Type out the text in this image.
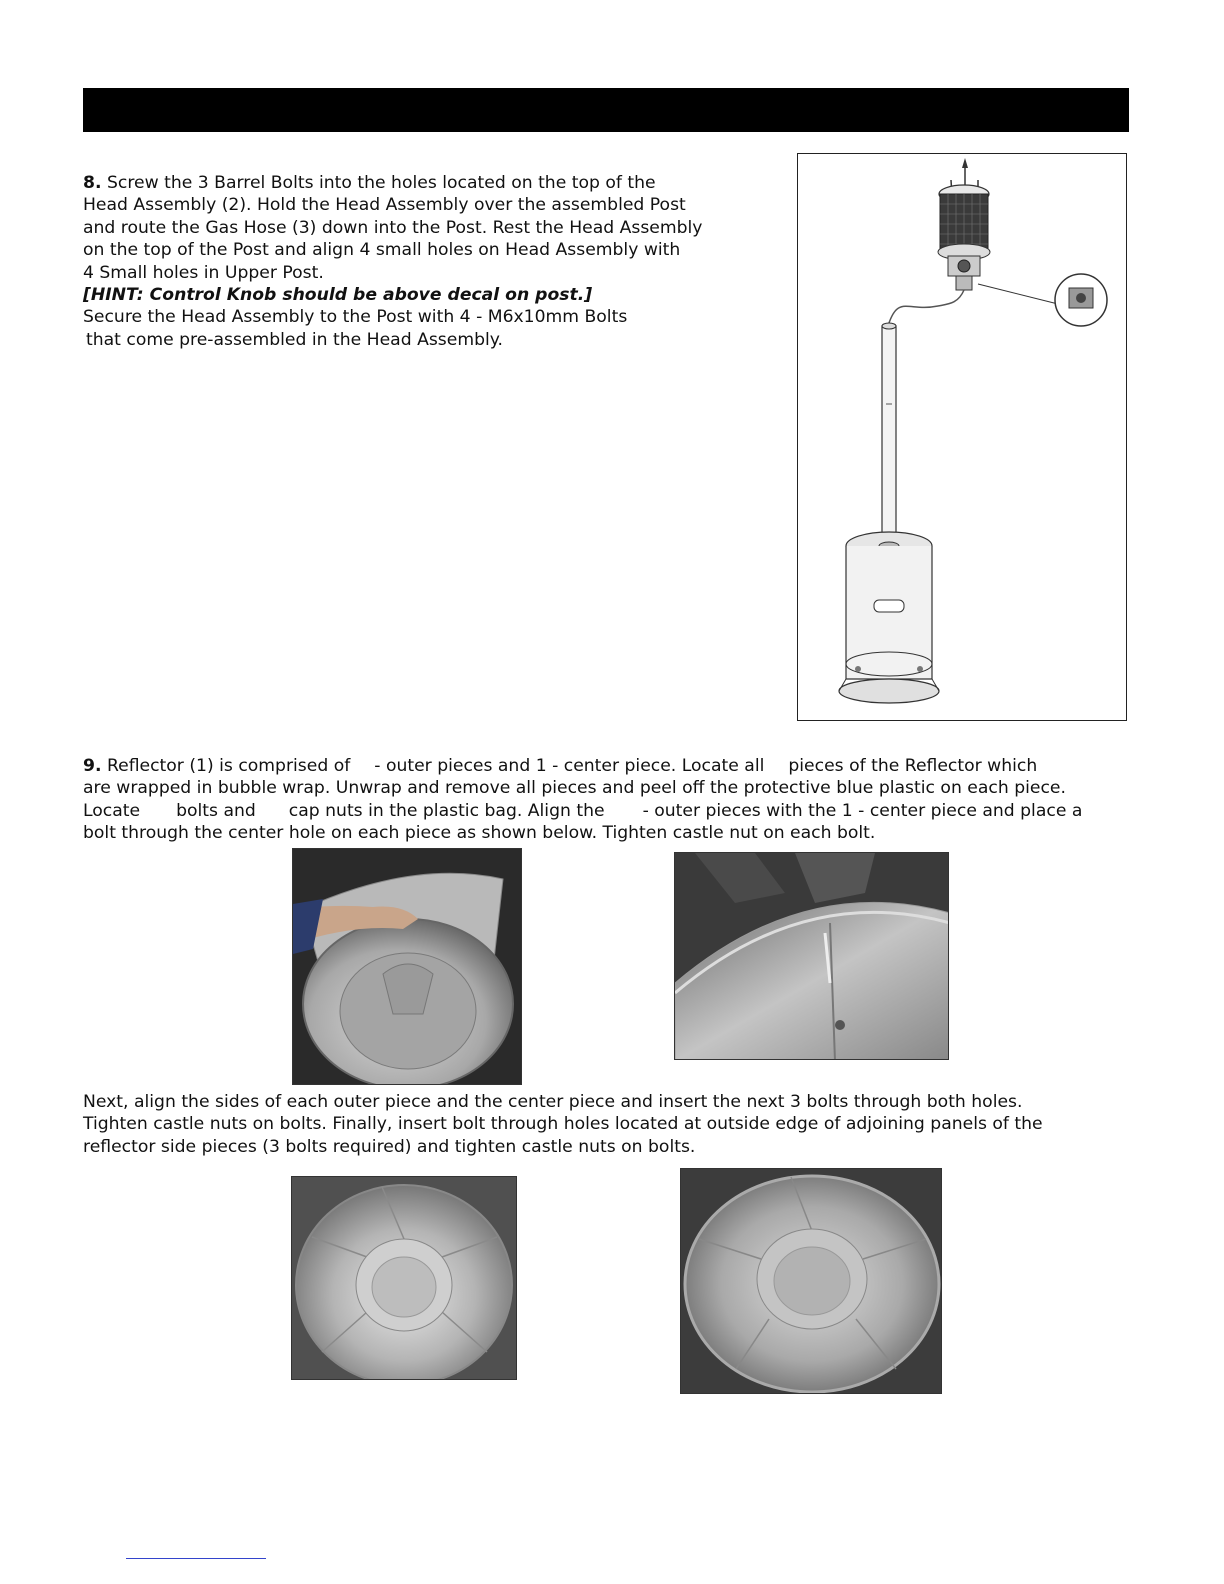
8. Screw the 3 Barrel Bolts into the holes located on the top of the

Head Assembly (2). Hold the Head Assembly over the assembled Post

and route the Gas Hose (3) down into the Post. Rest the Head Assembly

on the top of the Post and align 4 small holes on Head Assembly with

4 Small holes in Upper Post.

[HINT: Control Knob should be above decal on post.]

Secure the Head Assembly to the Post with 4 - M6x10mm Bolts

that come pre-assembled in the Head Assembly.

9. Reflector (1) is comprised of - outer pieces and 1 - center piece. Locate all pieces of the Reflector which

are wrapped in bubble wrap. Unwrap and remove all pieces and peel off the protective blue plastic on each piece.

Locate bolts and cap nuts in the plastic bag. Align the - outer pieces with the 1 - center piece and place a

bolt through the center hole on each piece as shown below. Tighten castle nut on each bolt.

Next, align the sides of each outer piece and the center piece and insert the next 3 bolts through both holes.

Tighten castle nuts on bolts. Finally, insert bolt through holes located at outside edge of adjoining panels of the

reflector side pieces (3 bolts required) and tighten castle nuts on bolts.
